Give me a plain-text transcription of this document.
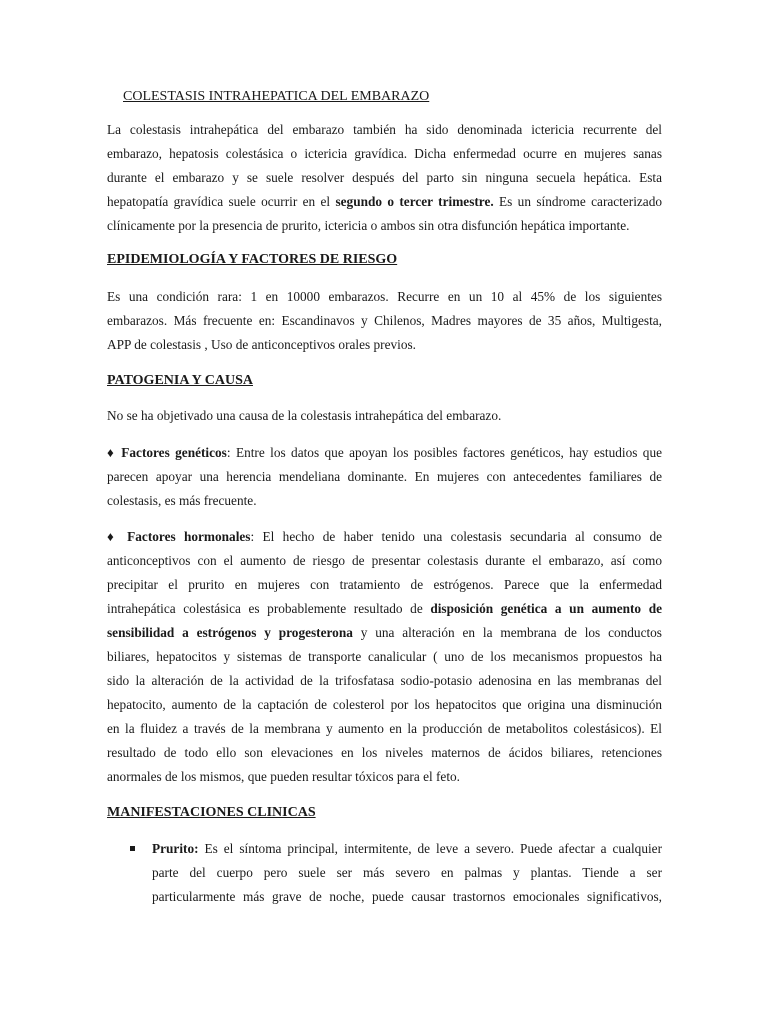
COLESTASIS INTRAHEPATICA DEL EMBARAZO
La colestasis intrahepática del embarazo también ha sido denominada ictericia recurrente del
embarazo, hepatosis colestásica o ictericia gravídica. Dicha enfermedad ocurre en mujeres sanas
durante el embarazo y se suele resolver después del parto sin ninguna secuela hepática. Esta
hepatopatía gravídica suele ocurrir en el segundo o tercer trimestre. Es un síndrome caracterizado
clínicamente por la presencia de prurito, ictericia o ambos sin otra disfunción hepática importante.
EPIDEMIOLOGÍA Y FACTORES DE RIESGO
Es una condición rara: 1 en 10000 embarazos. Recurre en un 10 al 45% de los siguientes
embarazos. Más frecuente en: Escandinavos y Chilenos, Madres mayores de 35 años, Multigesta,
APP de colestasis , Uso de anticonceptivos orales previos.
PATOGENIA Y CAUSA
No se ha objetivado una causa de la colestasis intrahepática del embarazo.
♦ Factores genéticos: Entre los datos que apoyan los posibles factores genéticos, hay estudios que
parecen apoyar una herencia mendeliana dominante. En mujeres con antecedentes familiares de
colestasis, es más frecuente.
♦ Factores hormonales: El hecho de haber tenido una colestasis secundaria al consumo de
anticonceptivos con el aumento de riesgo de presentar colestasis durante el embarazo, así como
precipitar el prurito en mujeres con tratamiento de estrógenos. Parece que la enfermedad
intrahepática colestásica es probablemente resultado de disposición genética a un aumento de
sensibilidad a estrógenos y progesterona y una alteración en la membrana de los conductos
biliares, hepatocitos y sistemas de transporte canalicular ( uno de los mecanismos propuestos ha
sido la alteración de la actividad de la trifosfatasa sodio-potasio adenosina en las membranas del
hepatocito, aumento de la captación de colesterol por los hepatocitos que origina una disminución
en la fluidez a través de la membrana y aumento en la producción de metabolitos colestásicos). El
resultado de todo ello son elevaciones en los niveles maternos de ácidos biliares, retenciones
anormales de los mismos, que pueden resultar tóxicos para el feto.
MANIFESTACIONES CLINICAS
Prurito: Es el síntoma principal, intermitente, de leve a severo. Puede afectar a cualquier
parte del cuerpo pero suele ser más severo en palmas y plantas. Tiende a ser
particularmente más grave de noche, puede causar trastornos emocionales significativos,
